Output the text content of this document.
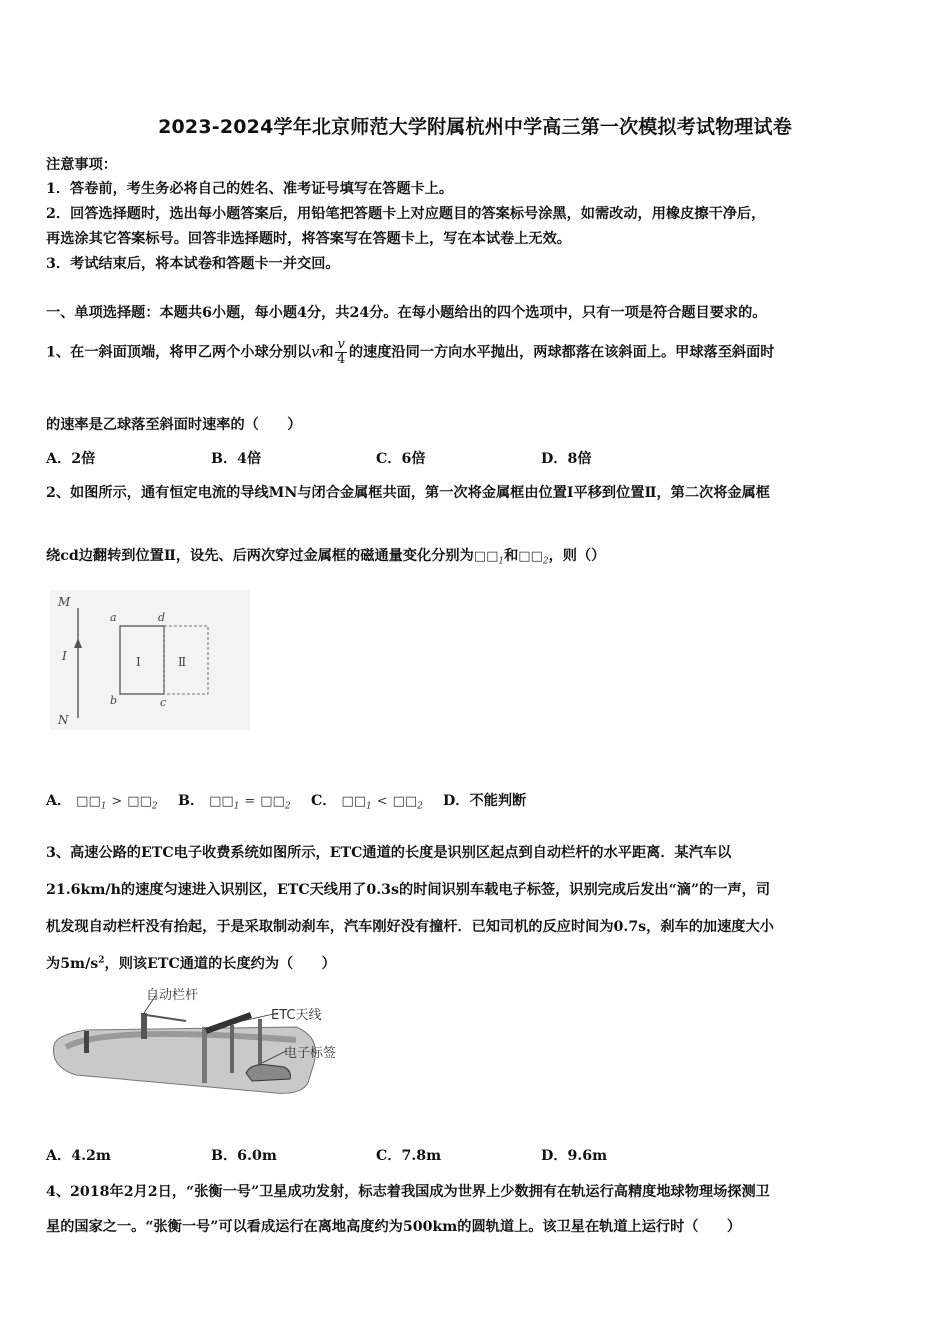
2023-2024学年北京师范大学附属杭州中学高三第一次模拟考试物理试卷
注意事项：
1．答卷前，考生务必将自己的姓名、准考证号填写在答题卡上。
2．回答选择题时，选出每小题答案后，用铅笔把答题卡上对应题目的答案标号涂黑，如需改动，用橡皮擦干净后，
再选涂其它答案标号。回答非选择题时，将答案写在答题卡上，写在本试卷上无效。
3．考试结束后，将本试卷和答题卡一并交回。
一、单项选择题：本题共6小题，每小题4分，共24分。在每小题给出的四个选项中，只有一项是符合题目要求的。
1、在一斜面顶端，将甲乙两个小球分别以v和 $\frac{v}{4}$ 的速度沿同一方向水平抛出，两球都落在该斜面上。甲球落至斜面时
的速率是乙球落至斜面时速率的（　　）
A．2倍	B．4倍	C．6倍	D．8倍
2、如图所示，通有恒定电流的导线MN与闭合金属框共面，第一次将金属框由位置Ⅰ平移到位置Ⅱ，第二次将金属框
绕cd边翻转到位置Ⅱ，设先、后两次穿过金属框的磁通量变化分别为$□□_1$和$□□_2$，则（）
M
I
N
a	d
b	c
Ⅰ	Ⅱ
A． $□□_1$ > $□□_2$ B． $□□_1$ = $□□_2$ C． $□□_1$ < $□□_2$ D．不能判断
3、高速公路的ETC电子收费系统如图所示，ETC通道的长度是识别区起点到自动栏杆的水平距离．某汽车以
21.6km/h的速度匀速进入识别区，ETC天线用了0.3s的时间识别车载电子标签，识别完成后发出“滴”的一声，司
机发现自动栏杆没有抬起，于是采取制动刹车，汽车刚好没有撞杆．已知司机的反应时间为0.7s，刹车的加速度大小
为$5m/s^2$，则该ETC通道的长度约为（　　）
自动栏杆
ETC天线
电子标签
A．4.2m	B．6.0m	C．7.8m	D．9.6m
4、2018年2月2日，“张衡一号”卫星成功发射，标志着我国成为世界上少数拥有在轨运行高精度地球物理场探测卫
星的国家之一。“张衡一号”可以看成运行在离地高度约为500km的圆轨道上。该卫星在轨道上运行时（　　）
